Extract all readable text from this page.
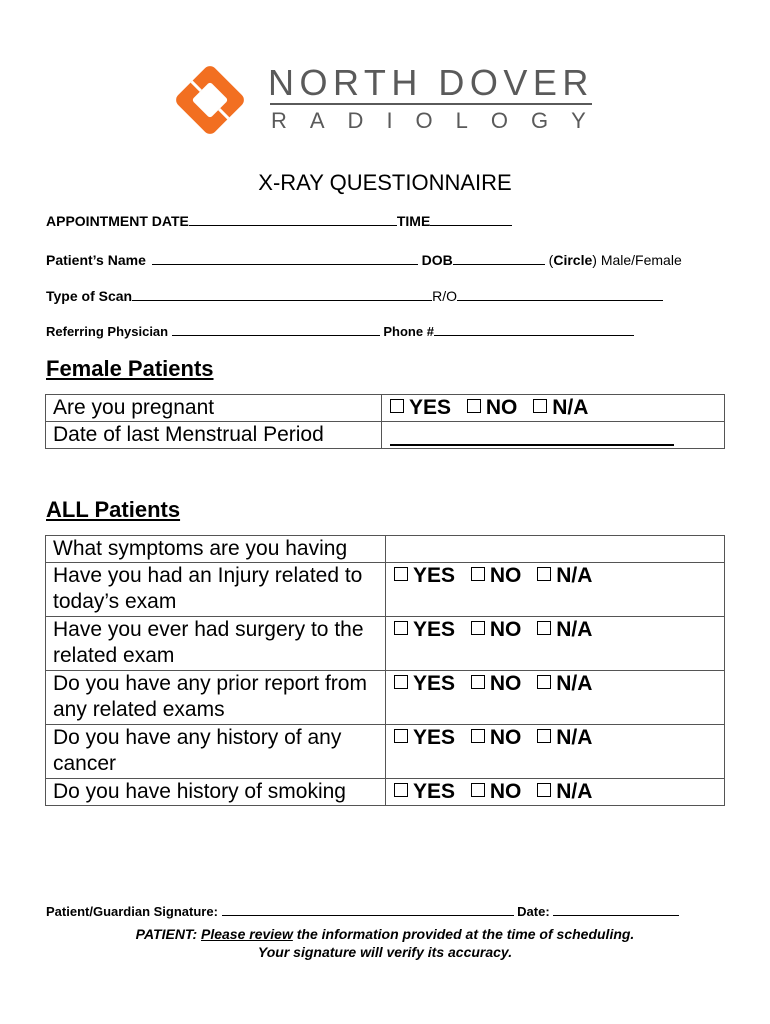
NORTH DOVER
RADIOLOGY
X-RAY QUESTIONNAIRE
APPOINTMENT DATE	TIME
Patient’s Name	DOB	(Circle) Male/Female
Type of Scan	R/O
Referring Physician	Phone #
Female Patients
Are you pregnant	YES NO N/A
Date of last Menstrual Period	
ALL Patients
What symptoms are you having	
Have you had an Injury related to today’s exam	YES NO N/A
Have you ever had surgery to the related exam	YES NO N/A
Do you have any prior report from any related exams	YES NO N/A
Do you have any history of any cancer	YES NO N/A
Do you have history of smoking	YES NO N/A
Patient/Guardian Signature:	Date:
PATIENT: Please review the information provided at the time of scheduling.
Your signature will verify its accuracy.
